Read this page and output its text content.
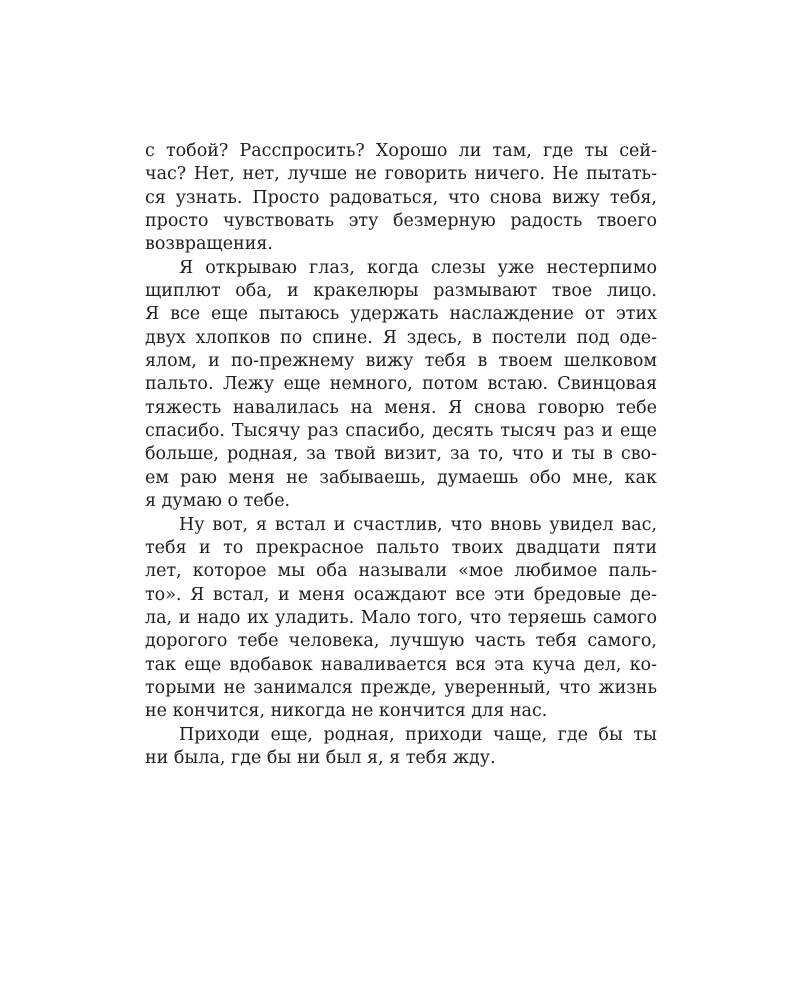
с тобой? Расспросить? Хорошо ли там, где ты сей-
час? Нет, нет, лучше не говорить ничего. Не пытать-
ся узнать. Просто радоваться, что снова вижу тебя,
просто чувствовать эту безмерную радость твоего
возвращения.
Я открываю глаз, когда слезы уже нестерпимо
щиплют оба, и кракелюры размывают твое лицо.
Я все еще пытаюсь удержать наслаждение от этих
двух хлопков по спине. Я здесь, в постели под оде-
ялом, и по-прежнему вижу тебя в твоем шелковом
пальто. Лежу еще немного, потом встаю. Свинцовая
тяжесть навалилась на меня. Я снова говорю тебе
спасибо. Тысячу раз спасибо, десять тысяч раз и еще
больше, родная, за твой визит, за то, что и ты в сво-
ем раю меня не забываешь, думаешь обо мне, как
я думаю о тебе.
Ну вот, я встал и счастлив, что вновь увидел вас,
тебя и то прекрасное пальто твоих двадцати пяти
лет, которое мы оба называли «мое любимое паль-
то». Я встал, и меня осаждают все эти бредовые де-
ла, и надо их уладить. Мало того, что теряешь самого
дорогого тебе человека, лучшую часть тебя самого,
так еще вдобавок наваливается вся эта куча дел, ко-
торыми не занимался прежде, уверенный, что жизнь
не кончится, никогда не кончится для нас.
Приходи еще, родная, приходи чаще, где бы ты
ни была, где бы ни был я, я тебя жду.
